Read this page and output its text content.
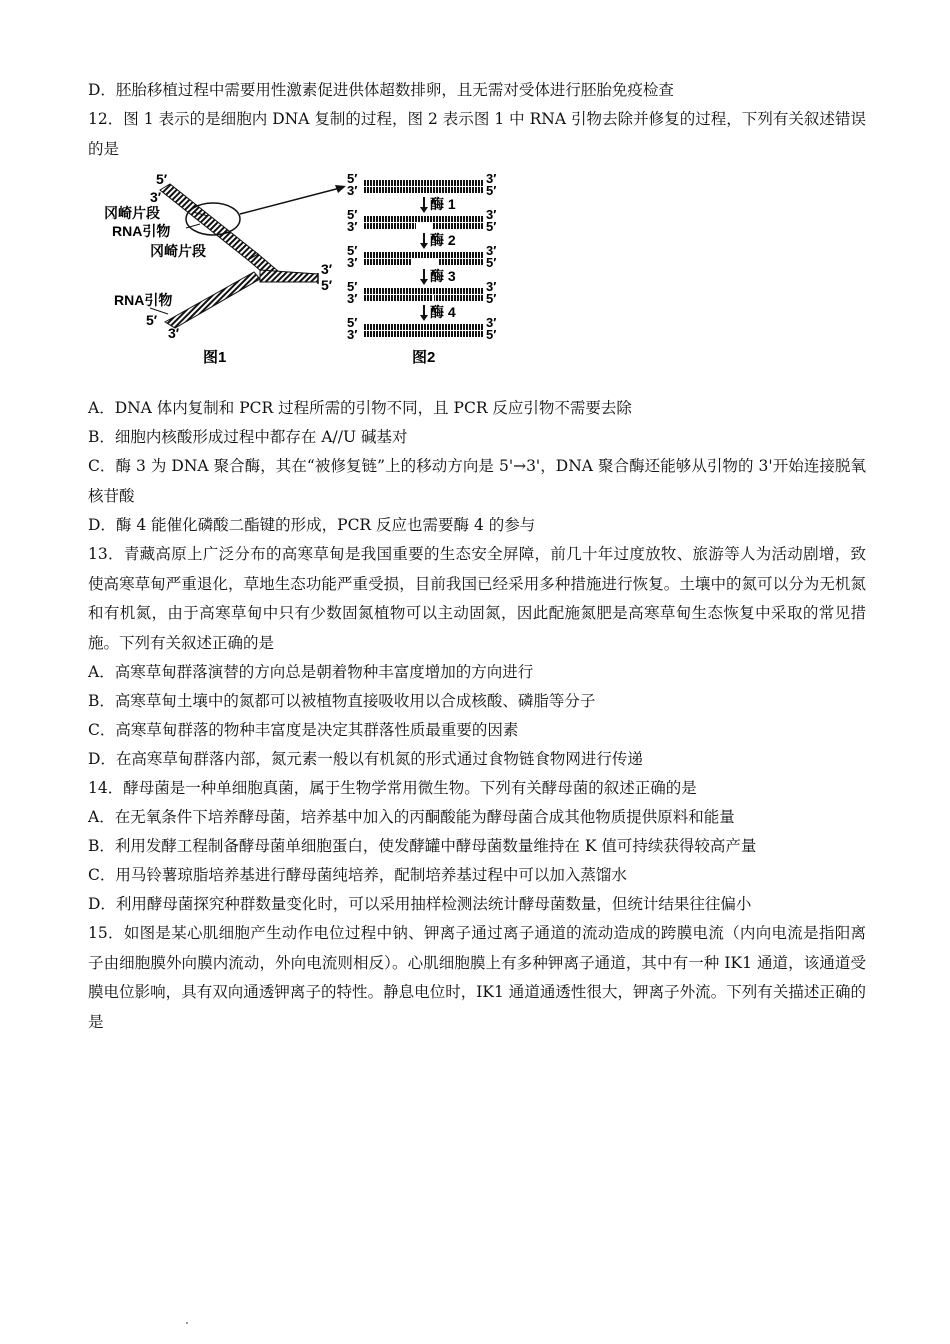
D．胚胎移植过程中需要用性激素促进供体超数排卵，且无需对受体进行胚胎免疫检查
12．图 1 表示的是细胞内 DNA 复制的过程，图 2 表示图 1 中 RNA 引物去除并修复的过程，下列有关叙述错误的是
5′
3′
冈崎片段
RNA引物
冈崎片段
3′
5′
RNA引物
5′
3′
图1
5′
3′
3′
5′
酶 1
5′
3′
3′
5′
酶 2
5′
3′
3′
5′
酶 3
5′
3′
3′
5′
酶 4
5′
3′
3′
5′
图2
A．DNA 体内复制和 PCR 过程所需的引物不同，且 PCR 反应引物不需要去除
B．细胞内核酸形成过程中都存在 A//U 碱基对
C．酶 3 为 DNA 聚合酶，其在“被修复链”上的移动方向是 5'→3'，DNA 聚合酶还能够从引物的 3'开始连接脱氧核苷酸
D．酶 4 能催化磷酸二酯键的形成，PCR 反应也需要酶 4 的参与
13．青藏高原上广泛分布的高寒草甸是我国重要的生态安全屏障，前几十年过度放牧、旅游等人为活动剧增，致使高寒草甸严重退化，草地生态功能严重受损，目前我国已经采用多种措施进行恢复。土壤中的氮可以分为无机氮和有机氮，由于高寒草甸中只有少数固氮植物可以主动固氮，因此配施氮肥是高寒草甸生态恢复中采取的常见措施。下列有关叙述正确的是
A．高寒草甸群落演替的方向总是朝着物种丰富度增加的方向进行
B．高寒草甸土壤中的氮都可以被植物直接吸收用以合成核酸、磷脂等分子
C．高寒草甸群落的物种丰富度是决定其群落性质最重要的因素
D．在高寒草甸群落内部，氮元素一般以有机氮的形式通过食物链食物网进行传递
14．酵母菌是一种单细胞真菌，属于生物学常用微生物。下列有关酵母菌的叙述正确的是
A．在无氧条件下培养酵母菌，培养基中加入的丙酮酸能为酵母菌合成其他物质提供原料和能量
B．利用发酵工程制备酵母菌单细胞蛋白，使发酵罐中酵母菌数量维持在 K 值可持续获得较高产量
C．用马铃薯琼脂培养基进行酵母菌纯培养，配制培养基过程中可以加入蒸馏水
D．利用酵母菌探究种群数量变化时，可以采用抽样检测法统计酵母菌数量，但统计结果往往偏小
15．如图是某心肌细胞产生动作电位过程中钠、钾离子通过离子通道的流动造成的跨膜电流（内向电流是指阳离子由细胞膜外向膜内流动，外向电流则相反）。心肌细胞膜上有多种钾离子通道，其中有一种 IK1 通道，该通道受膜电位影响，具有双向通透钾离子的特性。静息电位时，IK1 通道通透性很大，钾离子外流。下列有关描述正确的是
